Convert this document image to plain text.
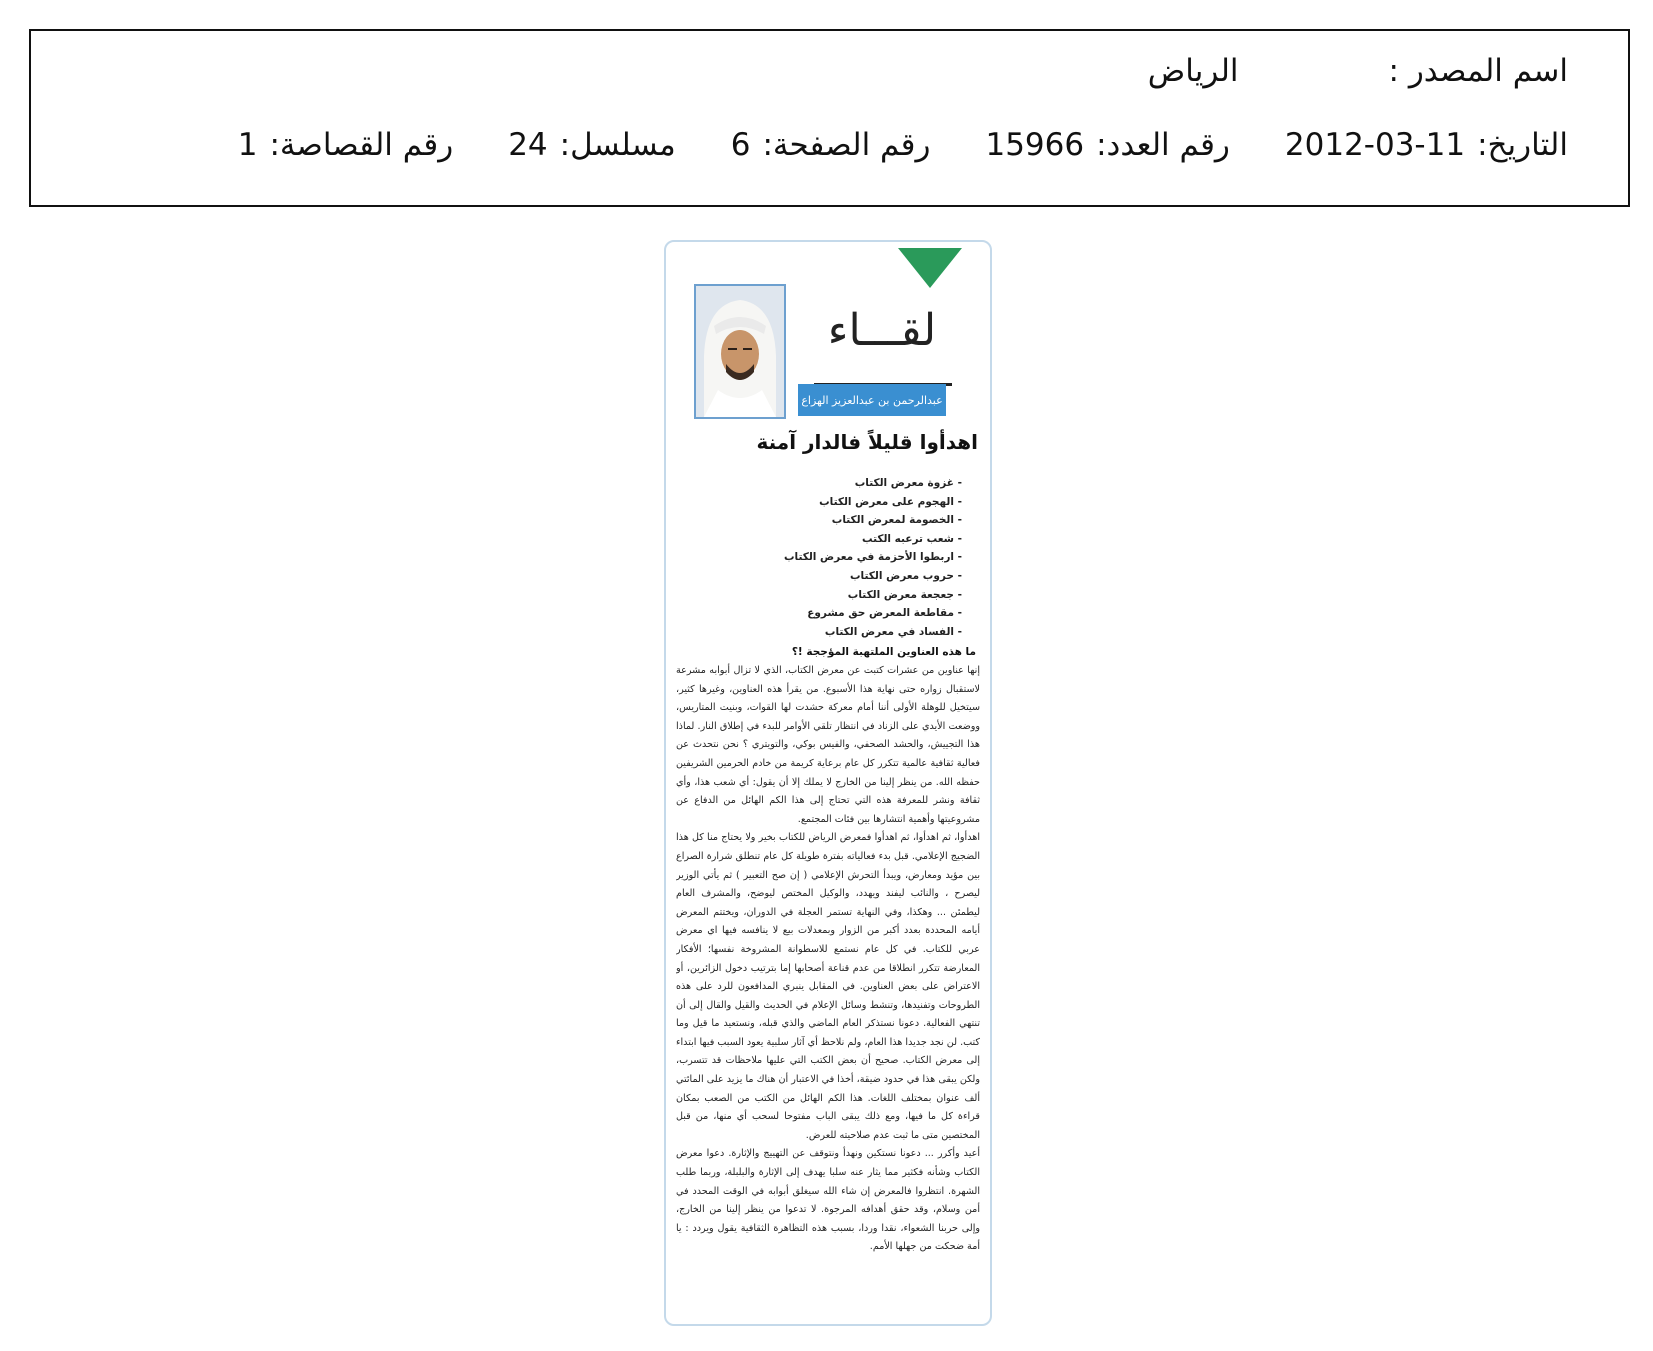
اسم المصدر :
الرياض
التاريخ:
2012-03-11
رقم العدد:
15966
رقم الصفحة:
6
مسلسل:
24
رقم القصاصة:
1
لقـــاء
عبدالرحمن بن عبدالعزيز الهزاع
اهدأوا قليلاً فالدار آمنة
- غزوة معرض الكتاب
- الهجوم على معرض الكتاب
- الخصومة لمعرض الكتاب
- شعب ترعبه الكتب
- اربطوا الأحزمة في معرض الكتاب
- حروب معرض الكتاب
- جعجعة معرض الكتاب
- مقاطعة المعرض حق مشروع
- الفساد في معرض الكتاب
ما هذه العناوين الملتهبة المؤججة !؟

إنها عناوين من عشرات كتبت عن معرض الكتاب، الذي لا تزال أبوابه مشرعة لاستقبال زواره حتى نهاية هذا الأسبوع. من يقرأ هذه العناوين، وغيرها كثير، سيتخيل للوهلة الأولى أننا أمام معركة حشدت لها القوات، وبنيت المتاريس، ووضعت الأيدي على الزناد في انتظار تلقي الأوامر للبدء في إطلاق النار. لماذا هذا التجييش، والحشد الصحفي، والفيس بوكي، والتويتري ؟ نحن نتحدث عن فعالية ثقافية عالمية تتكرر كل عام برعاية كريمة من خادم الحرمين الشريفين حفظه الله. من ينظر إلينا من الخارج لا يملك إلا أن يقول: أي شعب هذا، وأي ثقافة ونشر للمعرفة هذه التي تحتاج إلى هذا الكم الهائل من الدفاع عن مشروعيتها وأهمية انتشارها بين فئات المجتمع.

اهدأوا، ثم اهدأوا، ثم اهدأوا فمعرض الرياض للكتاب بخير ولا يحتاج منا كل هذا الضجيج الإعلامي. قبل بدء فعالياته بفترة طويلة كل عام تنطلق شرارة الصراع بين مؤيد ومعارض، ويبدأ التحرش الإعلامي ( إن صح التعبير ) ثم يأتي الوزير ليصرح ، والنائب ليفند ويهدد، والوكيل المختص ليوضح، والمشرف العام ليطمئن ... وهكذا، وفي النهاية تستمر العجلة في الدوران، ويختتم المعرض أيامه المحددة بعدد أكبر من الزوار وبمعدلات بيع لا ينافسه فيها اي معرض عربي للكتاب. في كل عام نستمع للاسطوانة المشروخة نفسها؛ الأفكار المعارضة تتكرر انطلاقا من عدم قناعة أصحابها إما بترتيب دخول الزائرين، أو الاعتراض على بعض العناوين. في المقابل ينبري المدافعون للرد على هذه الطروحات وتفنيدها، وتنشط وسائل الإعلام في الحديث والقيل والقال إلى أن تنتهي الفعالية. دعونا نستذكر العام الماضي والذي قبله، ونستعيد ما قيل وما كتب. لن نجد جديدا هذا العام، ولم نلاحظ أي آثار سلبية يعود السبب فيها ابتداء إلى معرض الكتاب. صحيح أن بعض الكتب التي عليها ملاحظات قد تتسرب، ولكن يبقى هذا في حدود ضيقة، أخذا في الاعتبار أن هناك ما يزيد على المائتي ألف عنوان بمختلف اللغات. هذا الكم الهائل من الكتب من الصعب بمكان قراءة كل ما فيها، ومع ذلك يبقى الباب مفتوحا لسحب أي منها، من قبل المختصين متى ما ثبت عدم صلاحيته للعرض.

أعيد وأكرر ... دعونا نستكين ونهدأ ونتوقف عن التهييج والإثارة. دعوا معرض الكتاب وشأنه فكثير مما يثار عنه سلبا يهدف إلى الإثارة والبلبلة، وربما طلب الشهرة. انتظروا فالمعرض إن شاء الله سيغلق أبوابه في الوقت المحدد في أمن وسلام، وقد حقق أهدافه المرجوة. لا تدعوا من ينظر إلينا من الخارج، وإلى حربنا الشعواء، نقدا وردا، بسبب هذه التظاهرة الثقافية يقول ويردد : يا أمة ضحكت من جهلها الأمم.
